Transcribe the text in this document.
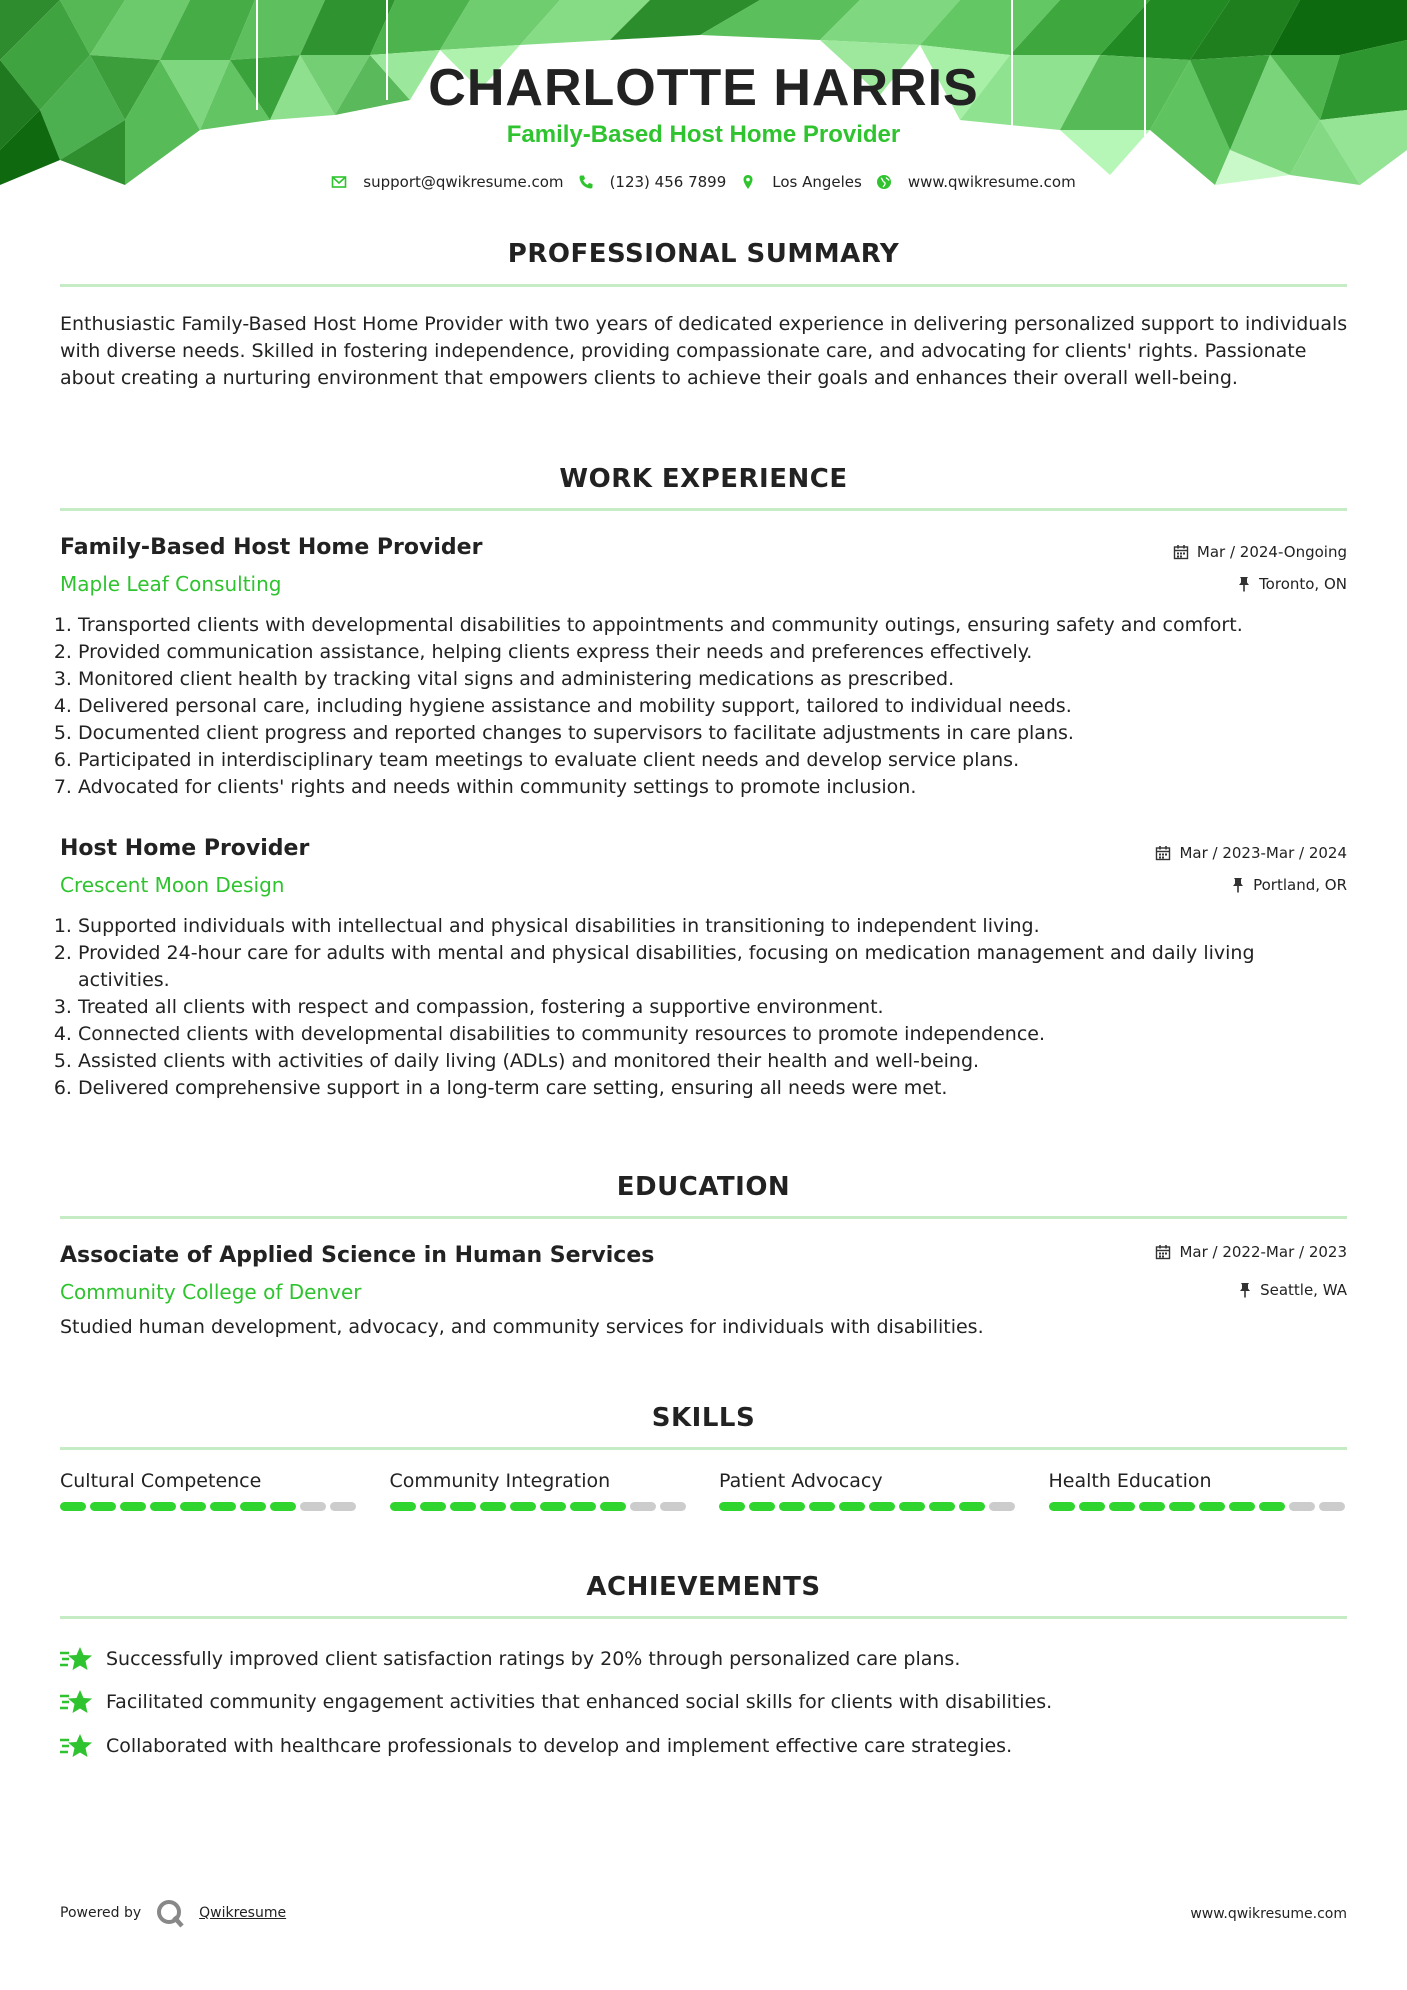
CHARLOTTE HARRIS
Family-Based Host Home Provider
support@qwikresume.com	(123) 456 7899	Los Angeles	www.qwikresume.com
PROFESSIONAL SUMMARY
Enthusiastic Family-Based Host Home Provider with two years of dedicated experience in delivering personalized support to individuals with diverse needs. Skilled in fostering independence, providing compassionate care, and advocating for clients' rights. Passionate about creating a nurturing environment that empowers clients to achieve their goals and enhances their overall well-being.
WORK EXPERIENCE
Family-Based Host Home Provider	Mar / 2024-Ongoing
Maple Leaf Consulting	Toronto, ON
1. Transported clients with developmental disabilities to appointments and community outings, ensuring safety and comfort.
2. Provided communication assistance, helping clients express their needs and preferences effectively.
3. Monitored client health by tracking vital signs and administering medications as prescribed.
4. Delivered personal care, including hygiene assistance and mobility support, tailored to individual needs.
5. Documented client progress and reported changes to supervisors to facilitate adjustments in care plans.
6. Participated in interdisciplinary team meetings to evaluate client needs and develop service plans.
7. Advocated for clients' rights and needs within community settings to promote inclusion.
Host Home Provider	Mar / 2023-Mar / 2024
Crescent Moon Design	Portland, OR
1. Supported individuals with intellectual and physical disabilities in transitioning to independent living.
2. Provided 24-hour care for adults with mental and physical disabilities, focusing on medication management and daily living activities.
3. Treated all clients with respect and compassion, fostering a supportive environment.
4. Connected clients with developmental disabilities to community resources to promote independence.
5. Assisted clients with activities of daily living (ADLs) and monitored their health and well-being.
6. Delivered comprehensive support in a long-term care setting, ensuring all needs were met.
EDUCATION
Associate of Applied Science in Human Services	Mar / 2022-Mar / 2023
Community College of Denver	Seattle, WA
Studied human development, advocacy, and community services for individuals with disabilities.
SKILLS
Cultural Competence	Community Integration	Patient Advocacy	Health Education
ACHIEVEMENTS
Successfully improved client satisfaction ratings by 20% through personalized care plans.
Facilitated community engagement activities that enhanced social skills for clients with disabilities.
Collaborated with healthcare professionals to develop and implement effective care strategies.
Powered by	Qwikresume	www.qwikresume.com
